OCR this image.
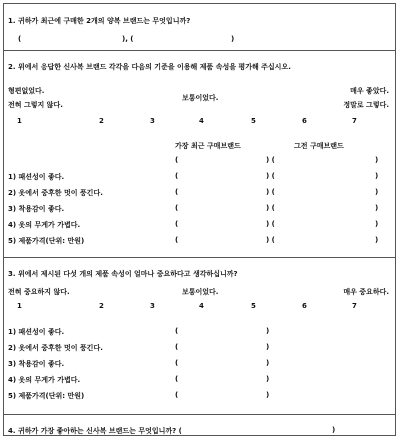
1. 귀하가 최근에 구매한 2개의 양복 브랜드는 무엇입니까?
(	), (	)
2. 위에서 응답한 신사복 브랜드 각각을 다음의 기준을 이용해 제품 속성을 평가해 주십시오.
형편없었다.
전혀 그렇지 않다.
보통이었다.
매우 좋았다.
정말로 그렇다.
1	2	3	4	5	6	7
가장 최근 구매브랜드	그전 구매브랜드
(	) (	)
1) 패션성이 좋다.	(	) (	)
2) 옷에서 중후한 멋이 풍긴다.	(	) (	)
3) 착용감이 좋다.	(	) (	)
4) 옷의 무게가 가볍다.	(	) (	)
5) 제품가격(단위: 만원)	(	) (	)
3. 위에서 제시된 다섯 개의 제품 속성이 얼마나 중요하다고 생각하십니까?
전혀 중요하지 않다.	보통이었다.	매우 중요하다.
1	2	3	4	5	6	7
1) 패션성이 좋다.	(	)
2) 옷에서 중후한 멋이 풍긴다.	(	)
3) 착용감이 좋다.	(	)
4) 옷의 무게가 가볍다.	(	)
5) 제품가격(단위: 만원)	(	)
4. 귀하가 가장 좋아하는 신사복 브랜드는 무엇입니까? (	)
